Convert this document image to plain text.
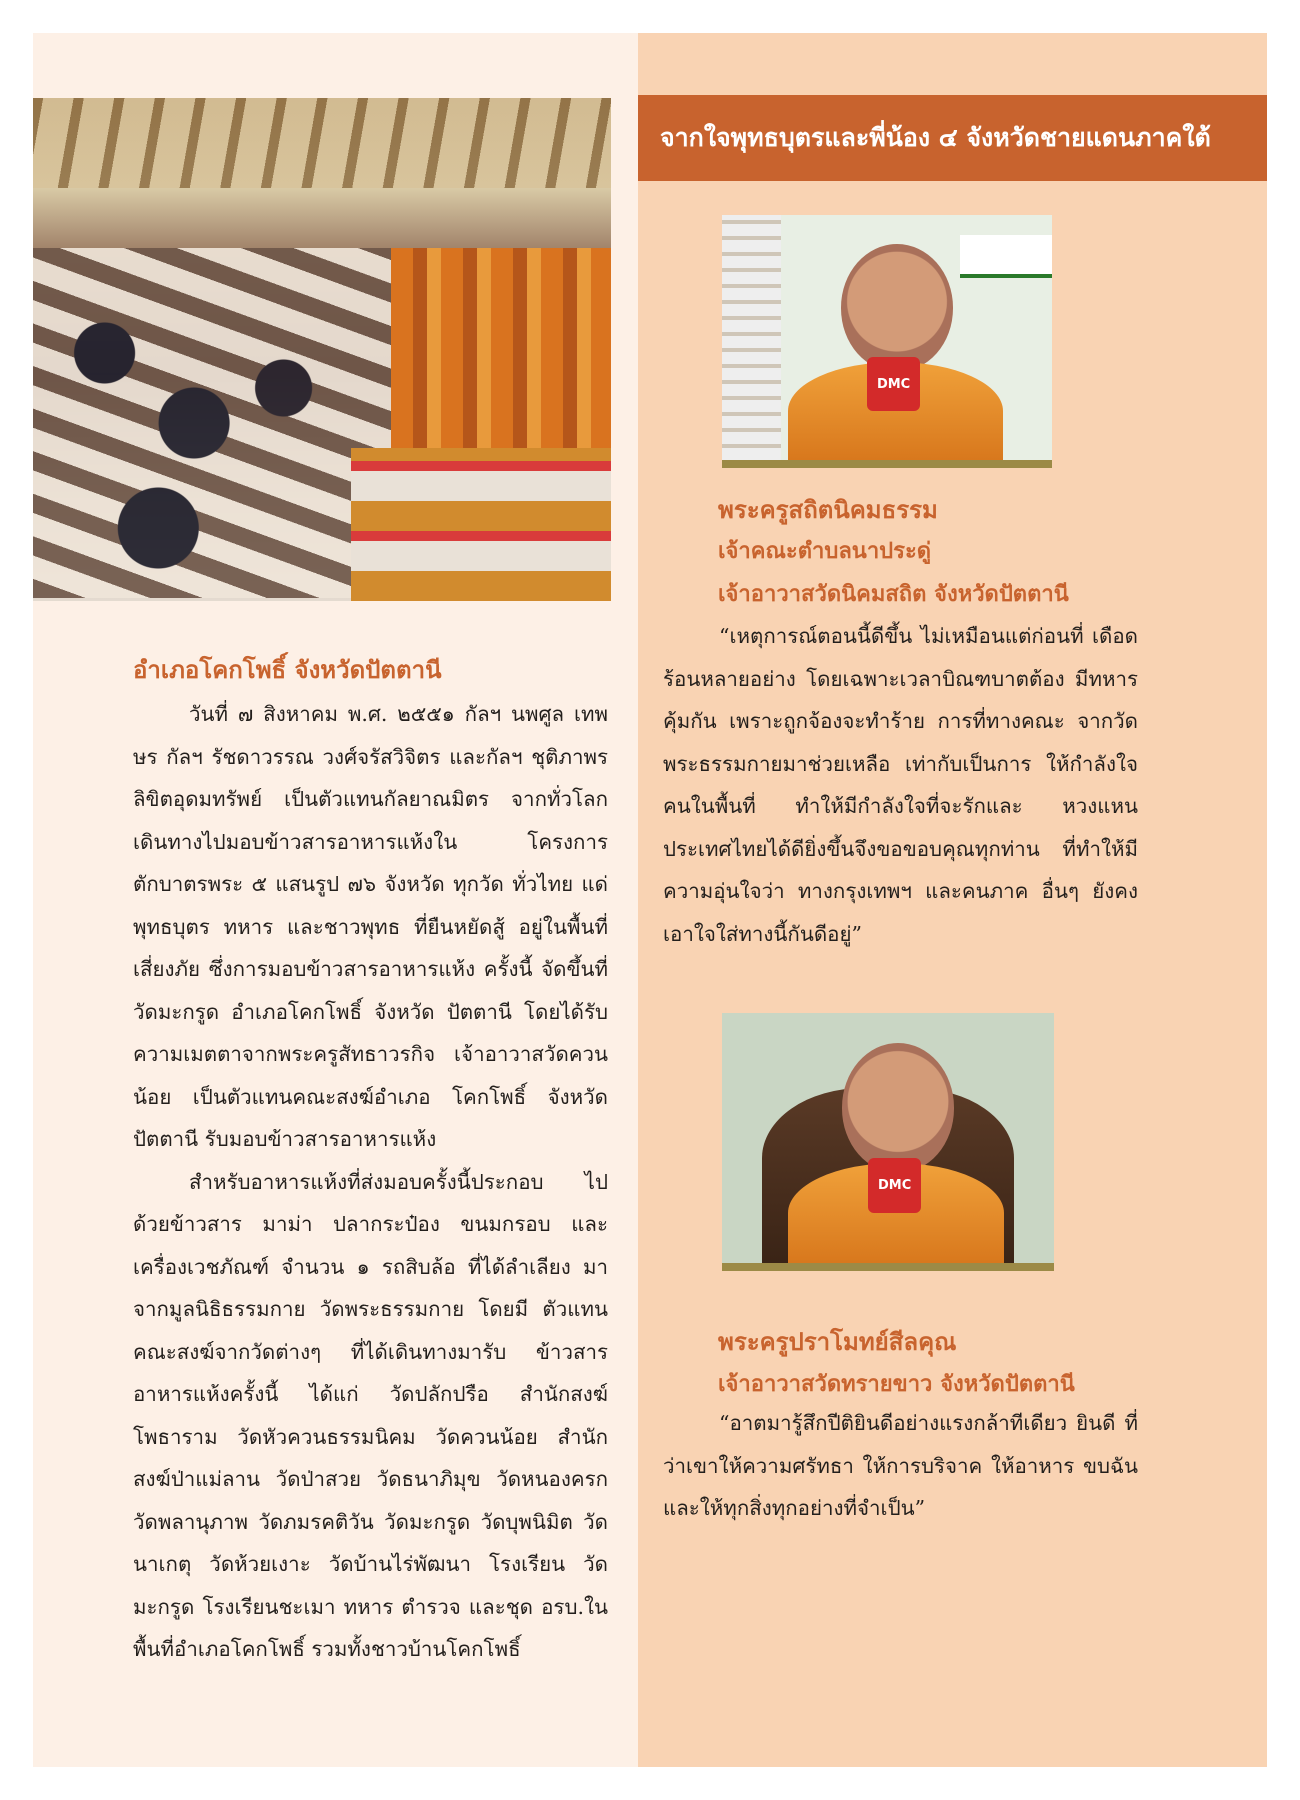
จากใจพุทธบุตรและพี่น้อง ๔ จังหวัดชายแดนภาคใต้
DMC
DMC
อำเภอโคกโพธิ์ จังหวัดปัตตานี

วันที่ ๗ สิงหาคม พ.ศ. ๒๕๕๑ กัลฯ นพศูล เทพษร กัลฯ รัชดาวรรณ วงศ์จรัสวิจิตร และกัลฯ ชุติภาพร ลิขิตอุดมทรัพย์ เป็นตัวแทนกัลยาณมิตร จากทั่วโลก เดินทางไปมอบข้าวสารอาหารแห้งใน โครงการตักบาตรพระ ๕ แสนรูป ๗๖ จังหวัด ทุกวัด ทั่วไทย แด่พุทธบุตร ทหาร และชาวพุทธ ที่ยืนหยัดสู้ อยู่ในพื้นที่เสี่ยงภัย ซึ่งการมอบข้าวสารอาหารแห้ง ครั้งนี้ จัดขึ้นที่วัดมะกรูด อำเภอโคกโพธิ์ จังหวัด ปัตตานี โดยได้รับความเมตตาจากพระครูสัทธาวรกิจ เจ้าอาวาสวัดควนน้อย เป็นตัวแทนคณะสงฆ์อำเภอ โคกโพธิ์ จังหวัดปัตตานี รับมอบข้าวสารอาหารแห้ง

สำหรับอาหารแห้งที่ส่งมอบครั้งนี้ประกอบ ไปด้วยข้าวสาร มาม่า ปลากระป๋อง ขนมกรอบ และ เครื่องเวชภัณฑ์ จำนวน ๑ รถสิบล้อ ที่ได้ลำเลียง มาจากมูลนิธิธรรมกาย วัดพระธรรมกาย โดยมี ตัวแทนคณะสงฆ์จากวัดต่างๆ ที่ได้เดินทางมารับ ข้าวสารอาหารแห้งครั้งนี้ ได้แก่ วัดปลักปรือ สำนักสงฆ์ โพธาราม วัดหัวควนธรรมนิคม วัดควนน้อย สำนัก สงฆ์ป่าแม่ลาน วัดป่าสวย วัดธนาภิมุข วัดหนองครก วัดพลานุภาพ วัดภมรคติวัน วัดมะกรูด วัดบุพนิมิต วัดนาเกตุ วัดห้วยเงาะ วัดบ้านไร่พัฒนา โรงเรียน วัดมะกรูด โรงเรียนชะเมา ทหาร ตำรวจ และชุด อรบ.ในพื้นที่อำเภอโคกโพธิ์ รวมทั้งชาวบ้านโคกโพธิ์

พระครูสถิตนิคมธรรม
เจ้าคณะตำบลนาประดู่
เจ้าอาวาสวัดนิคมสถิต จังหวัดปัตตานี

“เหตุการณ์ตอนนี้ดีขึ้น ไม่เหมือนแต่ก่อนที่ เดือดร้อนหลายอย่าง โดยเฉพาะเวลาบิณฑบาตต้อง มีทหารคุ้มกัน เพราะถูกจ้องจะทำร้าย การที่ทางคณะ จากวัดพระธรรมกายมาช่วยเหลือ เท่ากับเป็นการ ให้กำลังใจคนในพื้นที่ ทำให้มีกำลังใจที่จะรักและ หวงแหนประเทศไทยได้ดียิ่งขึ้นจึงขอขอบคุณทุกท่าน ที่ทำให้มีความอุ่นใจว่า ทางกรุงเทพฯ และคนภาค อื่นๆ ยังคงเอาใจใส่ทางนี้กันดีอยู่”

พระครูปราโมทย์สีลคุณ
เจ้าอาวาสวัดทรายขาว จังหวัดปัตตานี

“อาตมารู้สึกปีติยินดีอย่างแรงกล้าทีเดียว ยินดี ที่ว่าเขาให้ความศรัทธา ให้การบริจาค ให้อาหาร ขบฉัน และให้ทุกสิ่งทุกอย่างที่จำเป็น”
